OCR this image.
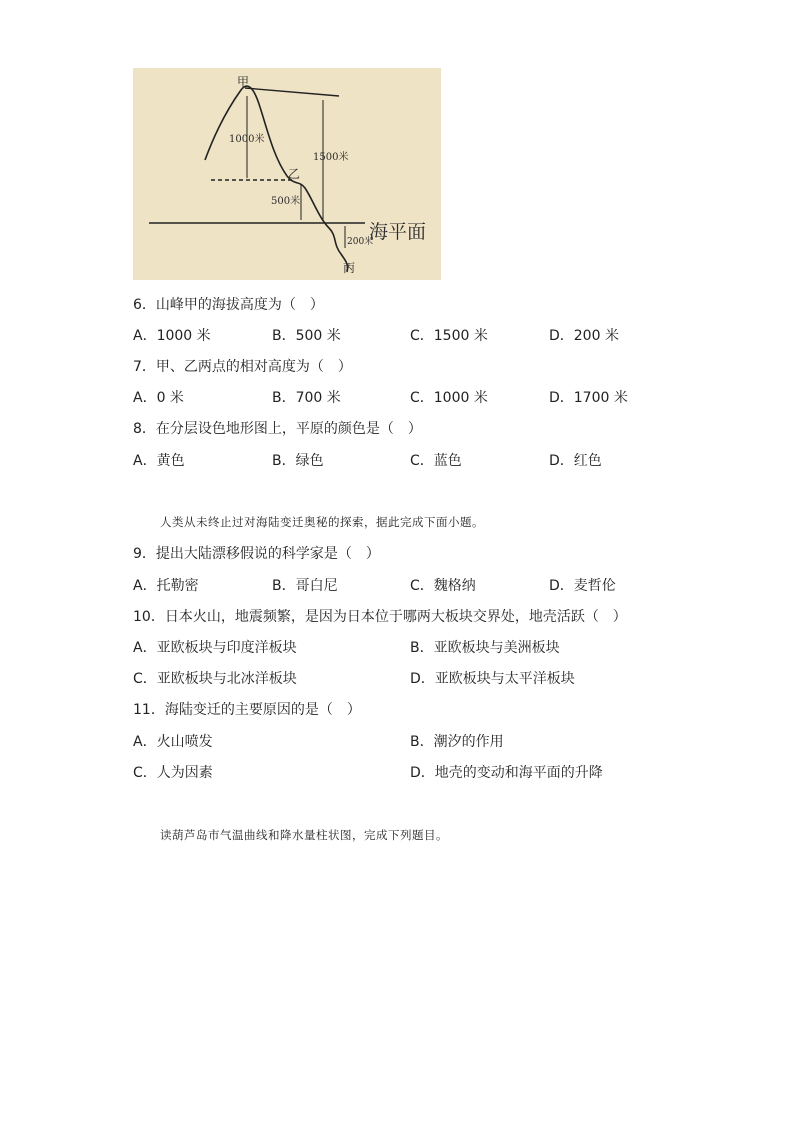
甲
乙
丙
1000米
1500米
500米
200米
海平面
6．山峰甲的海拔高度为（　）
A．1000 米	B．500 米	C．1500 米	D．200 米
7．甲、乙两点的相对高度为（　）
A．0 米	B．700 米	C．1000 米	D．1700 米
8．在分层设色地形图上，平原的颜色是（　）
A．黄色	B．绿色	C．蓝色	D．红色
人类从未终止过对海陆变迁奥秘的探索，据此完成下面小题。
9．提出大陆漂移假说的科学家是（　）
A．托勒密	B．哥白尼	C．魏格纳	D．麦哲伦
10．日本火山，地震频繁，是因为日本位于哪两大板块交界处，地壳活跃（　）
A．亚欧板块与印度洋板块	B．亚欧板块与美洲板块
C．亚欧板块与北冰洋板块	D．亚欧板块与太平洋板块
11．海陆变迁的主要原因的是（　）
A．火山喷发	B．潮汐的作用
C．人为因素	D．地壳的变动和海平面的升降
读葫芦岛市气温曲线和降水量柱状图，完成下列题目。
